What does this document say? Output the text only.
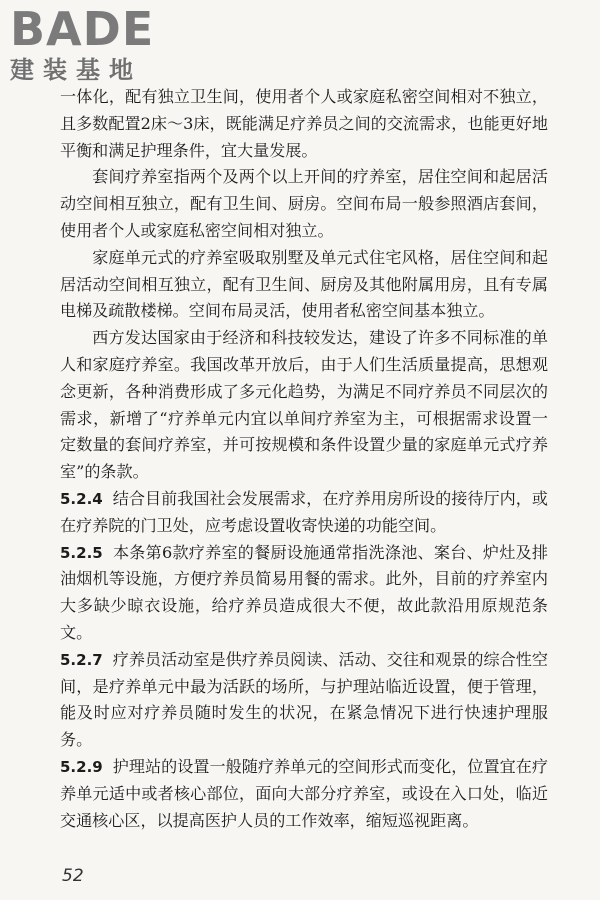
BADE
建装基地

一体化，配有独立卫生间，使用者个人或家庭私密空间相对不独立，且多数配置2床～3床，既能满足疗养员之间的交流需求，也能更好地平衡和满足护理条件，宜大量发展。

套间疗养室指两个及两个以上开间的疗养室，居住空间和起居活动空间相互独立，配有卫生间、厨房。空间布局一般参照酒店套间，使用者个人或家庭私密空间相对独立。

家庭单元式的疗养室吸取别墅及单元式住宅风格，居住空间和起居活动空间相互独立，配有卫生间、厨房及其他附属用房，且有专属电梯及疏散楼梯。空间布局灵活，使用者私密空间基本独立。

西方发达国家由于经济和科技较发达，建设了许多不同标准的单人和家庭疗养室。我国改革开放后，由于人们生活质量提高，思想观念更新，各种消费形成了多元化趋势，为满足不同疗养员不同层次的需求，新增了“疗养单元内宜以单间疗养室为主，可根据需求设置一定数量的套间疗养室，并可按规模和条件设置少量的家庭单元式疗养室”的条款。

5.2.4 结合目前我国社会发展需求，在疗养用房所设的接待厅内，或在疗养院的门卫处，应考虑设置收寄快递的功能空间。

5.2.5 本条第6款疗养室的餐厨设施通常指洗涤池、案台、炉灶及排油烟机等设施，方便疗养员简易用餐的需求。此外，目前的疗养室内大多缺少晾衣设施，给疗养员造成很大不便，故此款沿用原规范条文。

5.2.7 疗养员活动室是供疗养员阅读、活动、交往和观景的综合性空间，是疗养单元中最为活跃的场所，与护理站临近设置，便于管理，能及时应对疗养员随时发生的状况，在紧急情况下进行快速护理服务。

5.2.9 护理站的设置一般随疗养单元的空间形式而变化，位置宜在疗养单元适中或者核心部位，面向大部分疗养室，或设在入口处，临近交通核心区，以提高医护人员的工作效率，缩短巡视距离。

52
